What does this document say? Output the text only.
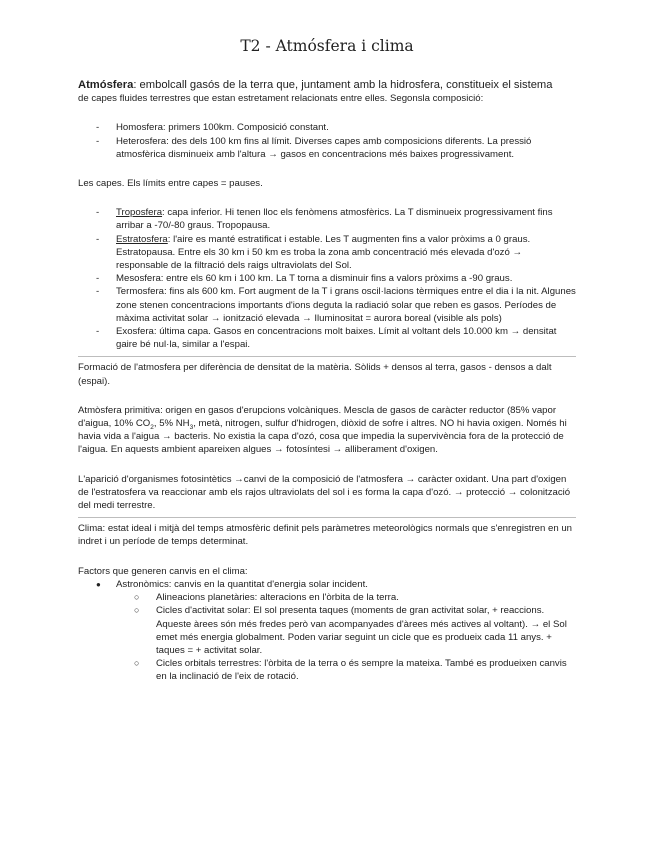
T2 - Atmósfera i clima
Atmósfera: embolcall gasós de la terra que, juntament amb la hidrosfera, constitueix el sistema
de capes fluides terrestres que estan estretament relacionats entre elles. Segonsla composició:
- Homosfera: primers 100km. Composició constant.
- Heterosfera: des dels 100 km fins al límit. Diverses capes amb composicions diferents. La pressió atmosfèrica disminueix amb l'altura → gasos en concentracions més baixes progressivament.

Les capes. Els límits entre capes = pauses.

- Troposfera: capa inferior. Hi tenen lloc els fenòmens atmosfèrics. La T disminueix progressivament fins arribar a -70/-80 graus. Tropopausa.
- Estratosfera: l'aire es manté estratificat i estable. Les T augmenten fins a valor pròxims a 0 graus. Estratopausa. Entre els 30 km i 50 km es troba la zona amb concentració més elevada d'ozó → responsable de la filtració dels raigs ultraviolats del Sol.
- Mesosfera: entre els 60 km i 100 km. La T torna a disminuir fins a valors pròxims a -90 graus.
- Termosfera: fins als 600 km. Fort augment de la T i grans oscil·lacions tèrmiques entre el dia i la nit. Algunes zone stenen concentracions importants d'ions deguta la radiació solar que reben es gasos. Períodes de màxima activitat solar → ionització elevada → Iluminositat = aurora boreal (visible als pols)
- Exosfera: última capa. Gasos en concentracions molt baixes. Límit al voltant dels 10.000 km → densitat gaire bé nul·la, similar a l'espai.

Formació de l'atmosfera per diferència de densitat de la matèria. Sòlids + densos al terra, gasos - densos a dalt (espai).

Atmòsfera primitiva: origen en gasos d'erupcions volcàniques. Mescla de gasos de caràcter reductor (85% vapor d'aigua, 10% $CO_2$, 5% $NH_3$, metà, nitrogen, sulfur d'hidrogen, diòxid de sofre i altres. NO hi havia oxigen. Només hi havia vida a l'aigua → bacteris. No existia la capa d'ozó, cosa que impedia la supervivència fora de la protecció de l'aigua. En aquests ambient apareixen algues → fotosíntesi → alliberament d'oxigen.

L'aparició d'organismes fotosintètics →canvi de la composició de l'atmosfera → caràcter oxidant. Una part d'oxigen de l'estratosfera va reaccionar amb els rajos ultraviolats del sol i es forma la capa d'ozó. → protecció → colonització del medi terrestre.

Clima: estat ideal i mitjà del temps atmosfèric definit pels paràmetres meteorològics normals que s'enregistren en un indret i un període de temps determinat.

Factors que generen canvis en el clima:

● Astronòmics: canvis en la quantitat d'energia solar incident.
○ Alineacions planetàries: alteracions en l'òrbita de la terra.
○ Cicles d'activitat solar: El sol presenta taques (moments de gran activitat solar, + reaccions. Aqueste àrees són més fredes però van acompanyades d'àrees més actives al voltant). → el Sol emet més energia globalment. Poden variar seguint un cicle que es produeix cada 11 anys. + taques = + activitat solar.
○ Cicles orbitals terrestres: l'òrbita de la terra o és sempre la mateixa. També es produeixen canvis en la inclinació de l'eix de rotació.
